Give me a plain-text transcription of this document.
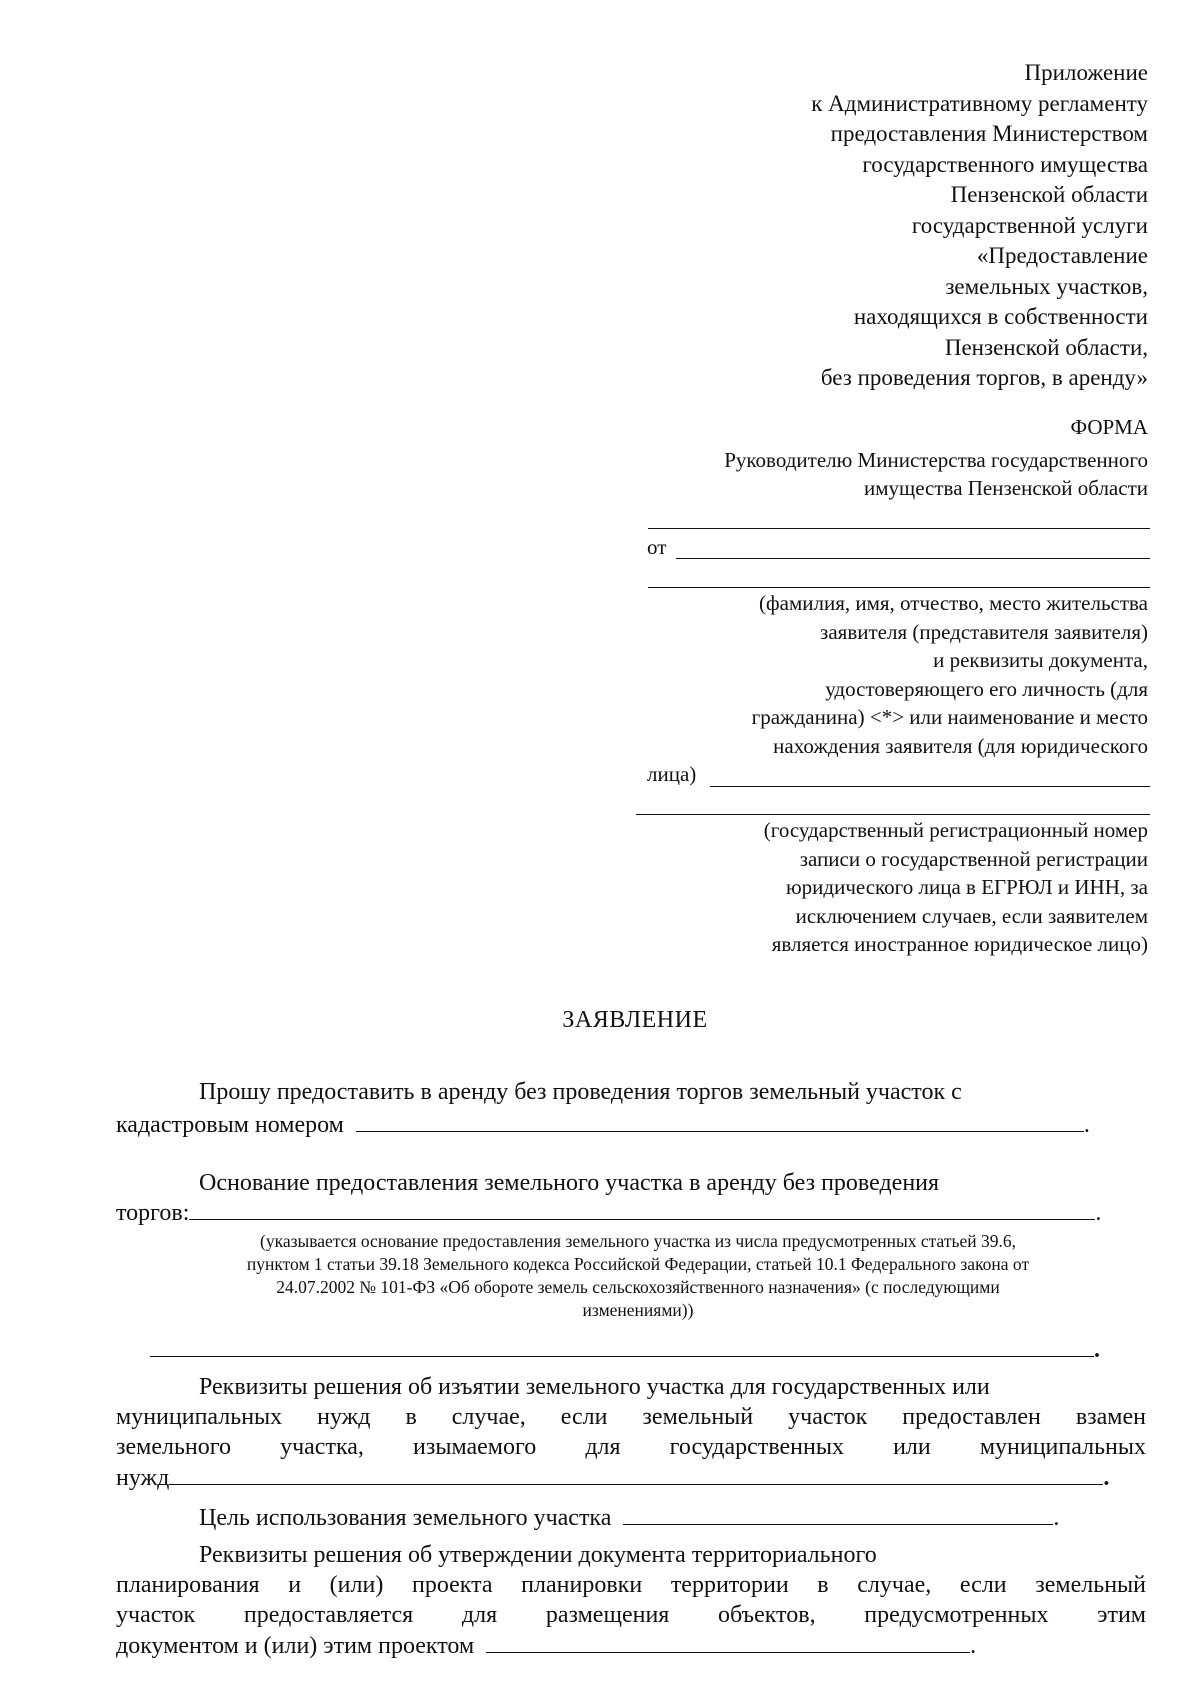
Приложение
к Административному регламенту
предоставления Министерством
государственного имущества
Пензенской области
государственной услуги
«Предоставление
земельных участков,
находящихся в собственности
Пензенской области,
без проведения торгов, в аренду»
ФОРМА
Руководителю Министерства государственного
имущества Пензенской области
от
(фамилия, имя, отчество, место жительства
заявителя (представителя заявителя)
и реквизиты документа,
удостоверяющего его личность (для
гражданина) <*> или наименование и место
нахождения заявителя (для юридического
лица)
(государственный регистрационный номер
записи о государственной регистрации
юридического лица в ЕГРЮЛ и ИНН, за
исключением случаев, если заявителем
является иностранное юридическое лицо)
ЗАЯВЛЕНИЕ
Прошу предоставить в аренду без проведения торгов земельный участок с
кадастровым номером	.
Основание предоставления земельного участка в аренду без проведения
торгов:	.
(указывается основание предоставления земельного участка из числа предусмотренных статьей 39.6,
пунктом 1 статьи 39.18 Земельного кодекса Российской Федерации, статьей 10.1 Федерального закона от
24.07.2002 № 101-ФЗ «Об обороте земель сельскохозяйственного назначения» (с последующими
изменениями))
.
Реквизиты решения об изъятии земельного участка для государственных или
муниципальных нужд в случае, если земельный участок предоставлен взамен
земельного участка, изымаемого для государственных или муниципальных
нужд	.
Цель использования земельного участка	.
Реквизиты решения об утверждении документа территориального
планирования и (или) проекта планировки территории в случае, если земельный
участок предоставляется для размещения объектов, предусмотренных этим
документом и (или) этим проектом	.
